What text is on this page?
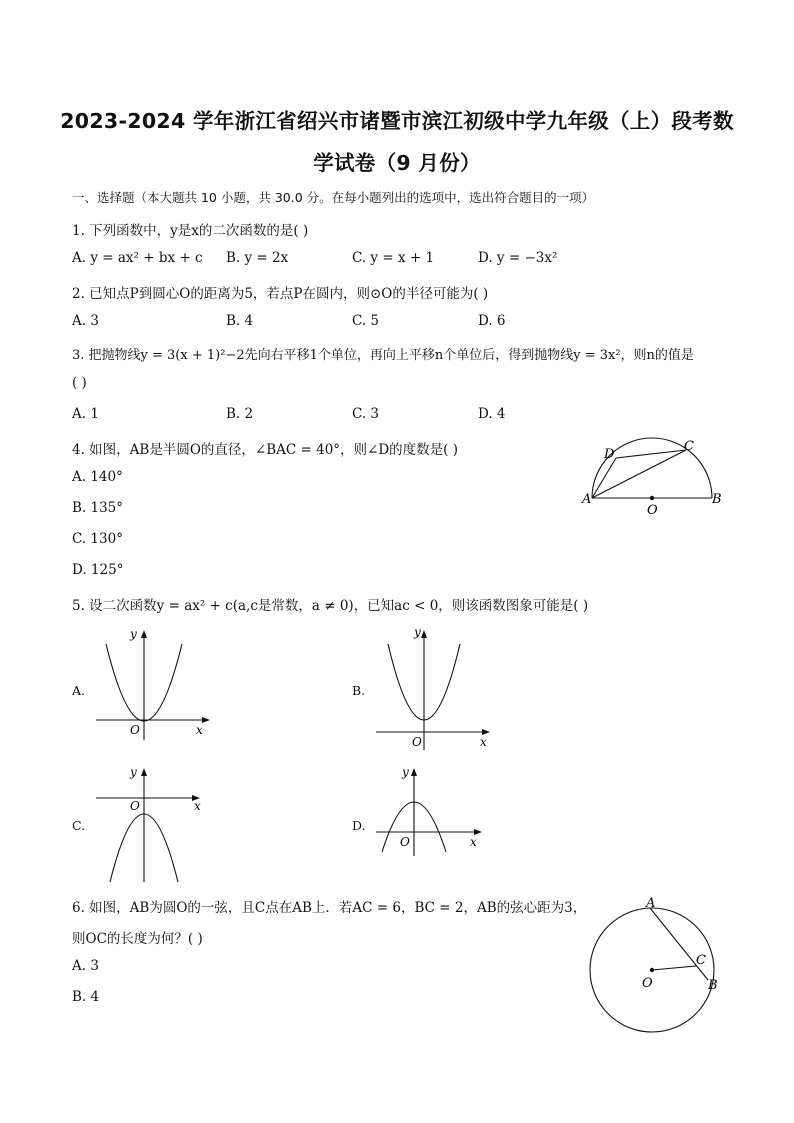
2023-2024 学年浙江省绍兴市诸暨市滨江初级中学九年级（上）段考数
学试卷（9 月份）
一、选择题（本大题共 10 小题，共 30.0 分。在每小题列出的选项中，选出符合题目的一项）
1. 下列函数中，y是x的二次函数的是( )
A. y = ax² + bx + c B. y = 2x	C. y = x + 1	D. y = −3x²
2. 已知点P到圆心O的距离为5，若点P在圆内，则⊙O的半径可能为( )
A. 3	B. 4	C. 5	D. 6
3. 把抛物线y = 3(x + 1)²−2先向右平移1个单位，再向上平移n个单位后，得到抛物线y = 3x²，则n的值是
( )
A. 1	B. 2	C. 3	D. 4
4. 如图，AB是半圆O的直径，∠BAC = 40°，则∠D的度数是( )
A. 140°
B. 135°
C. 130°
D. 125°
A	B
C
D
O
5. 设二次函数y = ax² + c(a,c是常数，a ≠ 0)，已知ac < 0，则该函数图象可能是( )
A.
y
x
O
B.
y
x
O
C.
y
x
O
D.
y
x
O
6. 如图，AB为圆O的一弦，且C点在AB上．若AC = 6，BC = 2，AB的弦心距为3，
则OC的长度为何？( )
A. 3
B. 4
A
C
B
O
